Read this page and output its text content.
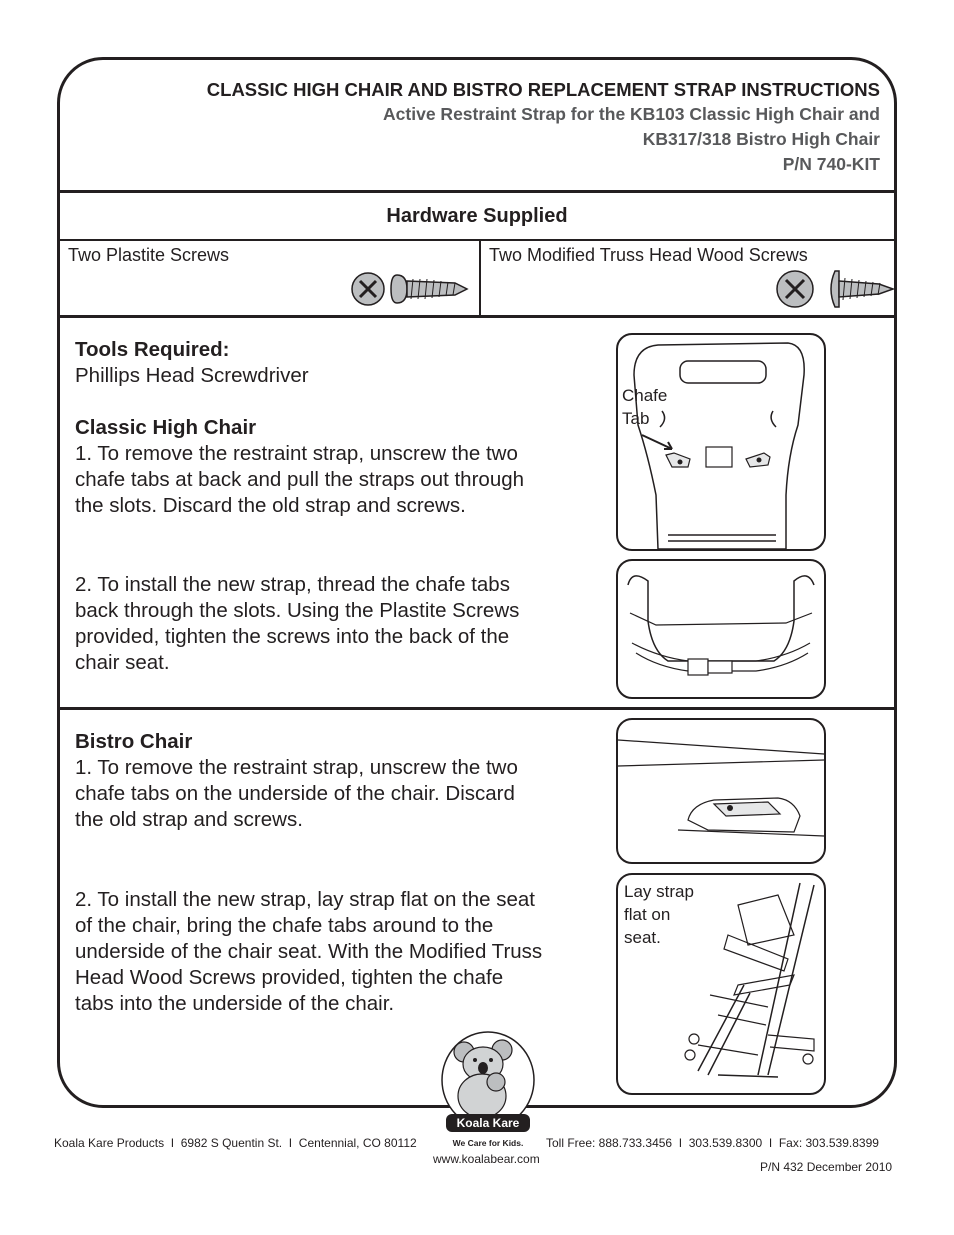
CLASSIC HIGH CHAIR AND BISTRO REPLACEMENT STRAP INSTRUCTIONS
Active Restraint Strap for the KB103 Classic High Chair and
KB317/318 Bistro High Chair
P/N 740-KIT
Hardware Supplied
Two Plastite Screws	Two Modified Truss Head Wood Screws
Tools Required:
Phillips Head Screwdriver
Classic High Chair
1. To remove the restraint strap, unscrew the two chafe tabs at back and pull the straps out through the slots. Discard the old strap and screws.
2. To install the new strap, thread the chafe tabs back through the slots. Using the Plastite Screws provided, tighten the screws into the back of the chair seat.
Chafe
Tab
Bistro Chair
1. To remove the restraint strap, unscrew the two chafe tabs on the underside of the chair. Discard the old strap and screws.
2. To install the new strap, lay strap flat on the seat of the chair, bring the chafe tabs around to the underside of the chair seat. With the Modified Truss Head Wood Screws provided, tighten the chafe tabs into the underside of the chair.
Lay strap
flat on
seat.
Koala Kare
We Care for Kids.
Koala Kare Products  I  6982 S Quentin St.  I  Centennial, CO 80112	Toll Free: 888.733.3456  I  303.539.8300  I  Fax: 303.539.8399
www.koalabear.com
P/N 432 December 2010
